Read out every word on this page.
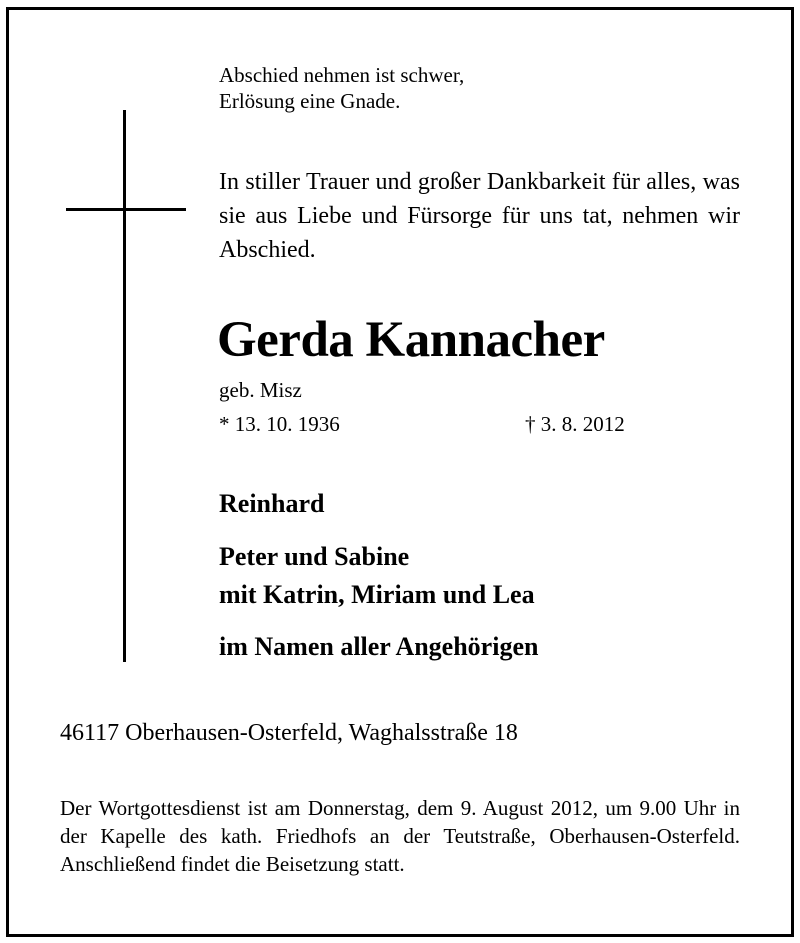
Abschied nehmen ist schwer,
Erlösung eine Gnade.
In stiller Trauer und großer Dankbarkeit für alles, was sie aus Liebe und Fürsorge für uns tat, nehmen wir Abschied.
Gerda Kannacher
geb. Misz
* 13. 10. 1936	† 3. 8. 2012
Reinhard
Peter und Sabine
mit Katrin, Miriam und Lea
im Namen aller Angehörigen
46117 Oberhausen-Osterfeld, Waghalsstraße 18
Der Wortgottesdienst ist am Donnerstag, dem 9. August 2012, um 9.00 Uhr in der Kapelle des kath. Friedhofs an der Teutstraße, Oberhausen-Osterfeld. Anschließend findet die Beisetzung statt.
